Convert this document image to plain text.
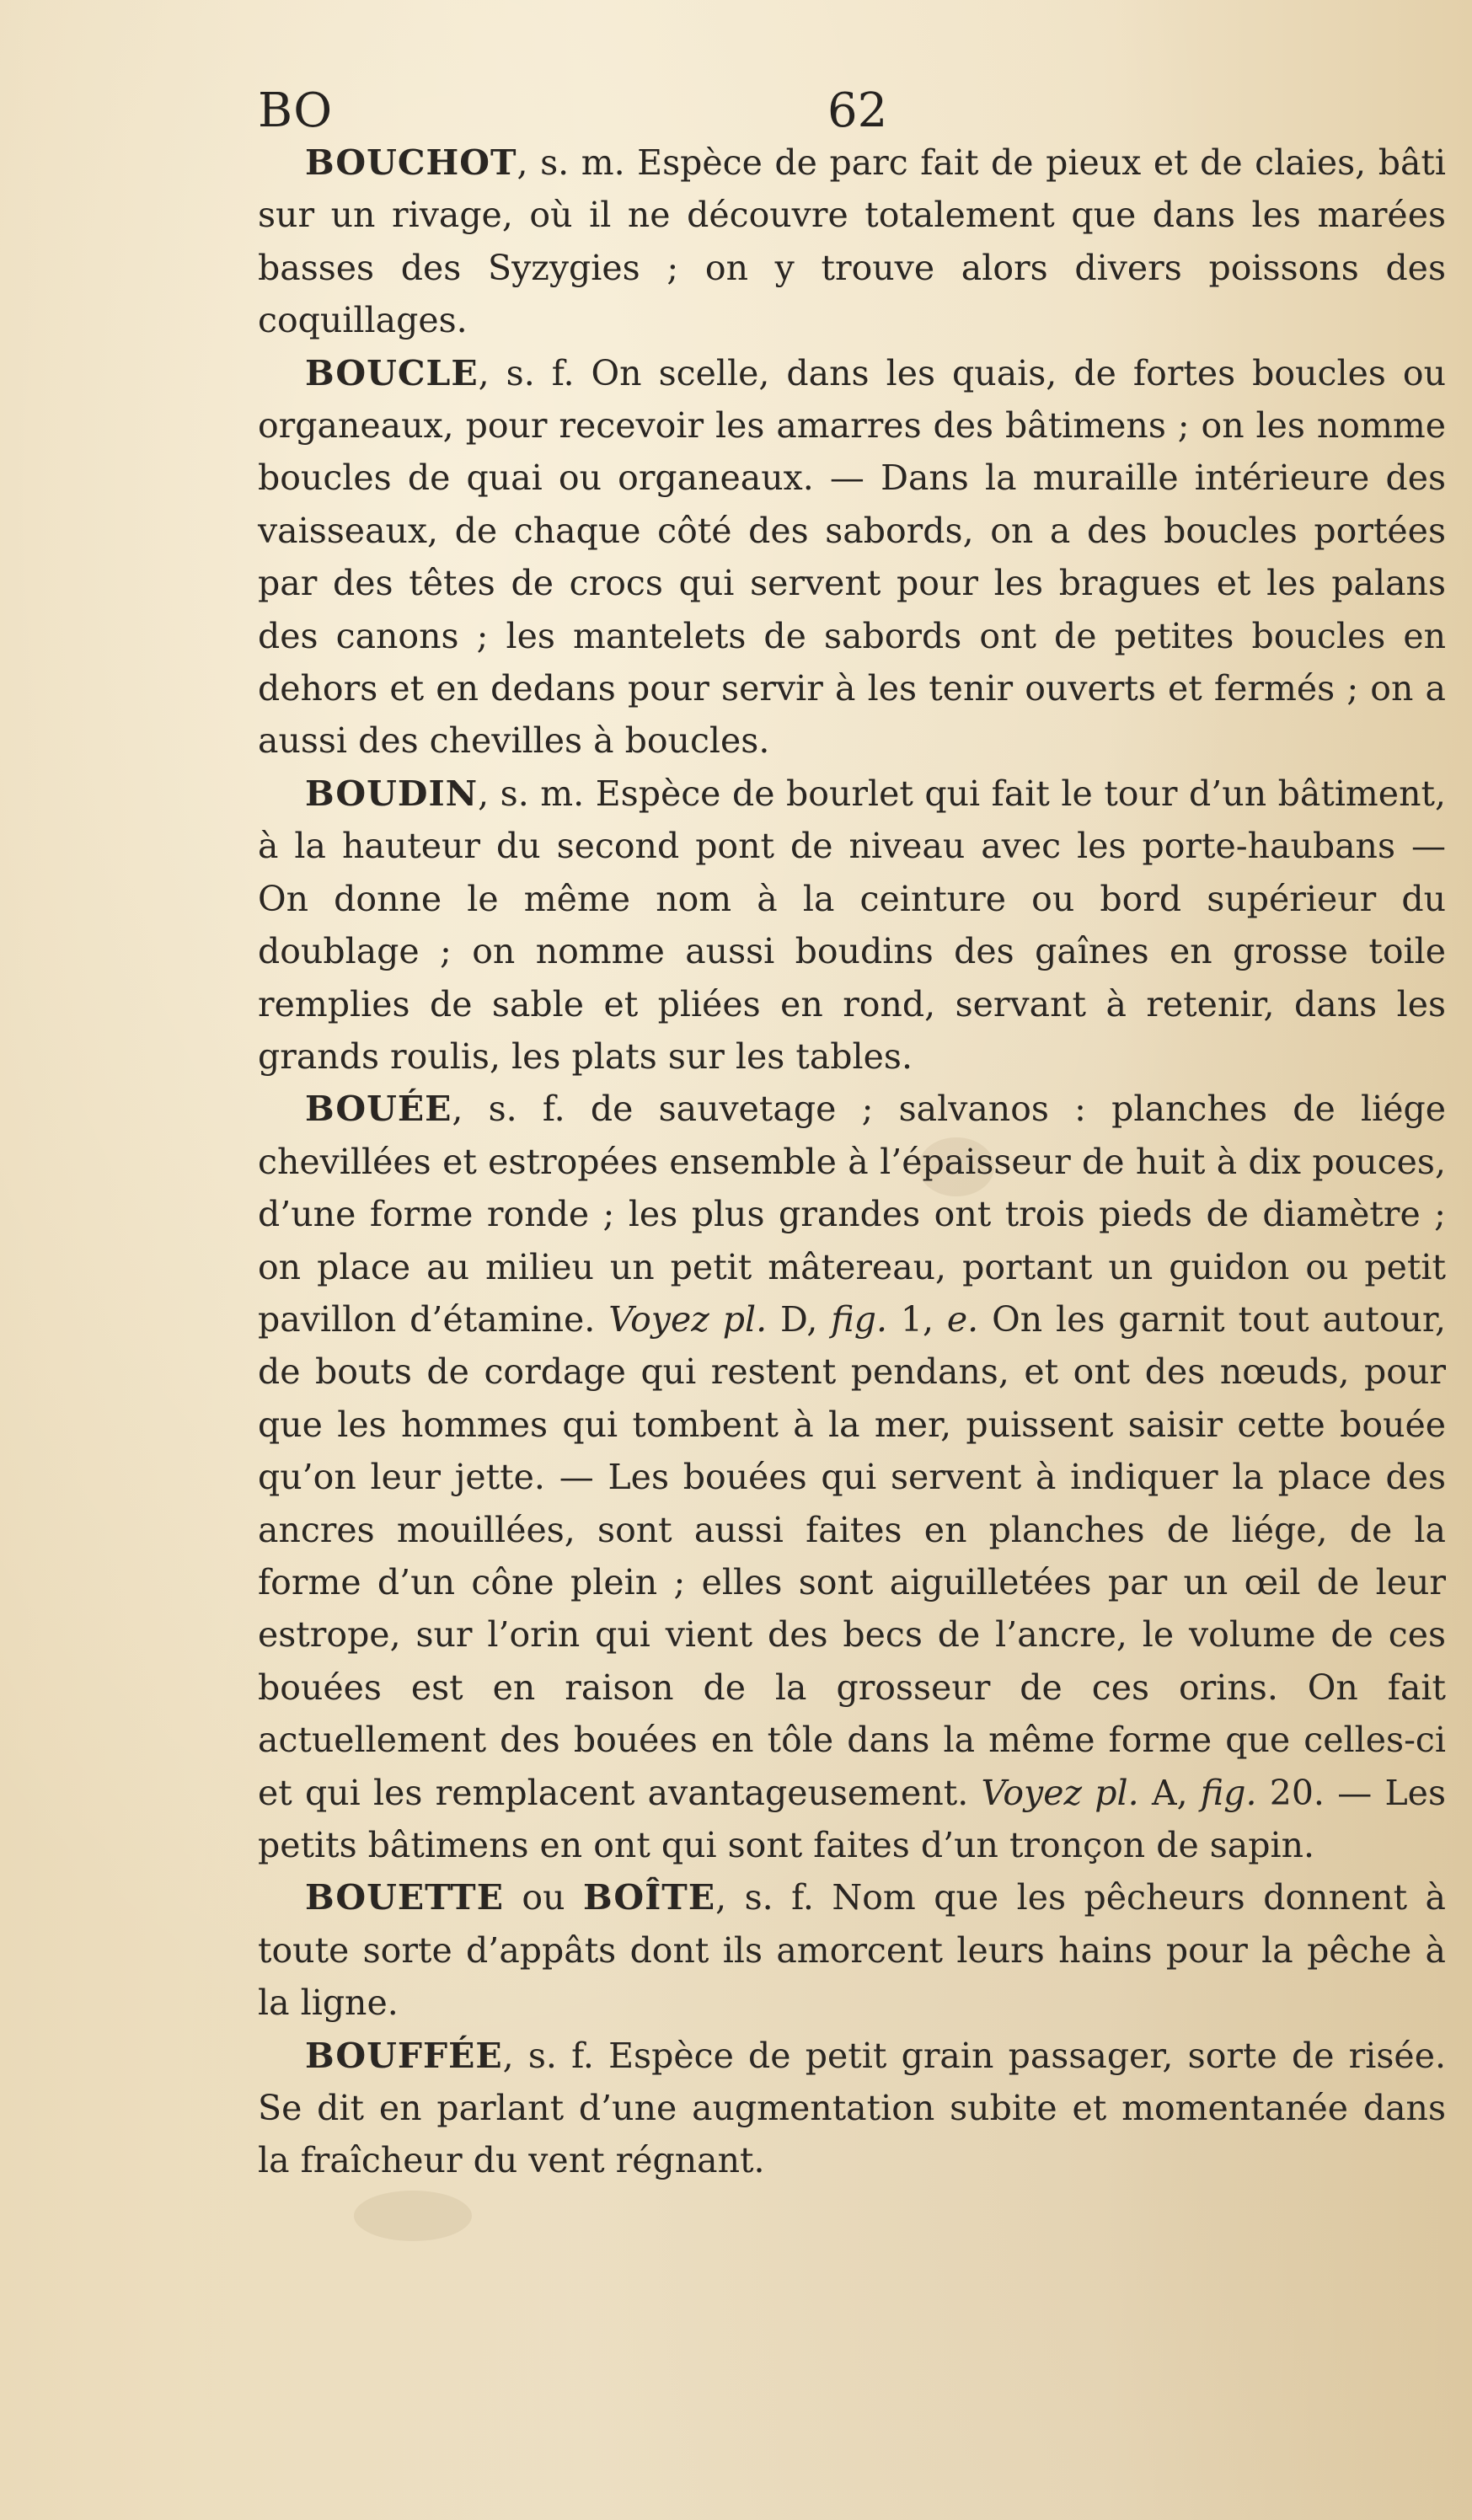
BO	62

BOUCHOT, s. m. Espèce de parc fait de pieux et de claies, bâti sur un rivage, où il ne découvre totalement que dans les marées basses des Syzygies ; on y trouve alors divers poissons des coquillages.

BOUCLE, s. f. On scelle, dans les quais, de fortes boucles ou organeaux, pour recevoir les amarres des bâtimens ; on les nomme boucles de quai ou organeaux. — Dans la muraille intérieure des vaisseaux, de chaque côté des sabords, on a des boucles portées par des têtes de crocs qui servent pour les bragues et les palans des canons ; les mantelets de sabords ont de petites boucles en dehors et en dedans pour servir à les tenir ouverts et fermés ; on a aussi des chevilles à boucles.

BOUDIN, s. m. Espèce de bourlet qui fait le tour d’un bâtiment, à la hauteur du second pont de niveau avec les porte-haubans — On donne le même nom à la ceinture ou bord supérieur du doublage ; on nomme aussi boudins des gaînes en grosse toile remplies de sable et pliées en rond, servant à retenir, dans les grands roulis, les plats sur les tables.

BOUÉE, s. f. de sauvetage ; salvanos : planches de liége chevillées et estropées ensemble à l’épaisseur de huit à dix pouces, d’une forme ronde ; les plus grandes ont trois pieds de diamètre ; on place au milieu un petit mâtereau, portant un guidon ou petit pavillon d’étamine. Voyez pl. D, fig. 1, e. On les garnit tout autour, de bouts de cordage qui restent pendans, et ont des nœuds, pour que les hommes qui tombent à la mer, puissent saisir cette bouée qu’on leur jette. — Les bouées qui servent à indiquer la place des ancres mouillées, sont aussi faites en planches de liége, de la forme d’un cône plein ; elles sont aiguilletées par un œil de leur estrope, sur l’orin qui vient des becs de l’ancre, le volume de ces bouées est en raison de la grosseur de ces orins. On fait actuellement des bouées en tôle dans la même forme que celles-ci et qui les remplacent avantageusement. Voyez pl. A, fig. 20. — Les petits bâtimens en ont qui sont faites d’un tronçon de sapin.

BOUETTE ou BOÎTE, s. f. Nom que les pêcheurs donnent à toute sorte d’appâts dont ils amorcent leurs hains pour la pêche à la ligne.

BOUFFÉE, s. f. Espèce de petit grain passager, sorte de risée. Se dit en parlant d’une augmentation subite et momentanée dans la fraîcheur du vent régnant.
